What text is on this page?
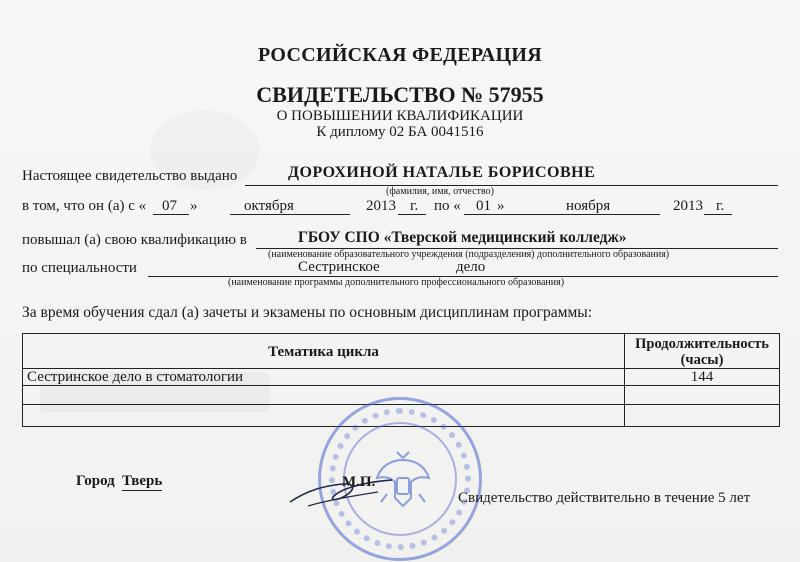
РОССИЙСКАЯ ФЕДЕРАЦИЯ
СВИДЕТЕЛЬСТВО № 57955
О ПОВЫШЕНИИ КВАЛИФИКАЦИИ
К диплому 02 БА 0041516
Настоящее свидетельство выдано	ДОРОХИНОЙ НАТАЛЬЕ БОРИСОВНЕ
(фамилия, имя, отчество)
в том, что он (а) с « 07 »	октября	2013 г. по « 01 »	ноября	2013 г.
повышал (а) свою квалификацию в	ГБОУ СПО «Тверской медицинский колледж»
(наименование образовательного учреждения (подразделения) дополнительного образования)
по специальности	Сестринское	дело
(наименование программы дополнительного профессионального образования)
За время обучения сдал (а) зачеты и экзамены по основным дисциплинам программы:
Тематика цикла	Продолжительность (часы)
Сестринское дело в стоматологии	144
Город Тверь	М.П.
Свидетельство действительно в течение 5 лет
